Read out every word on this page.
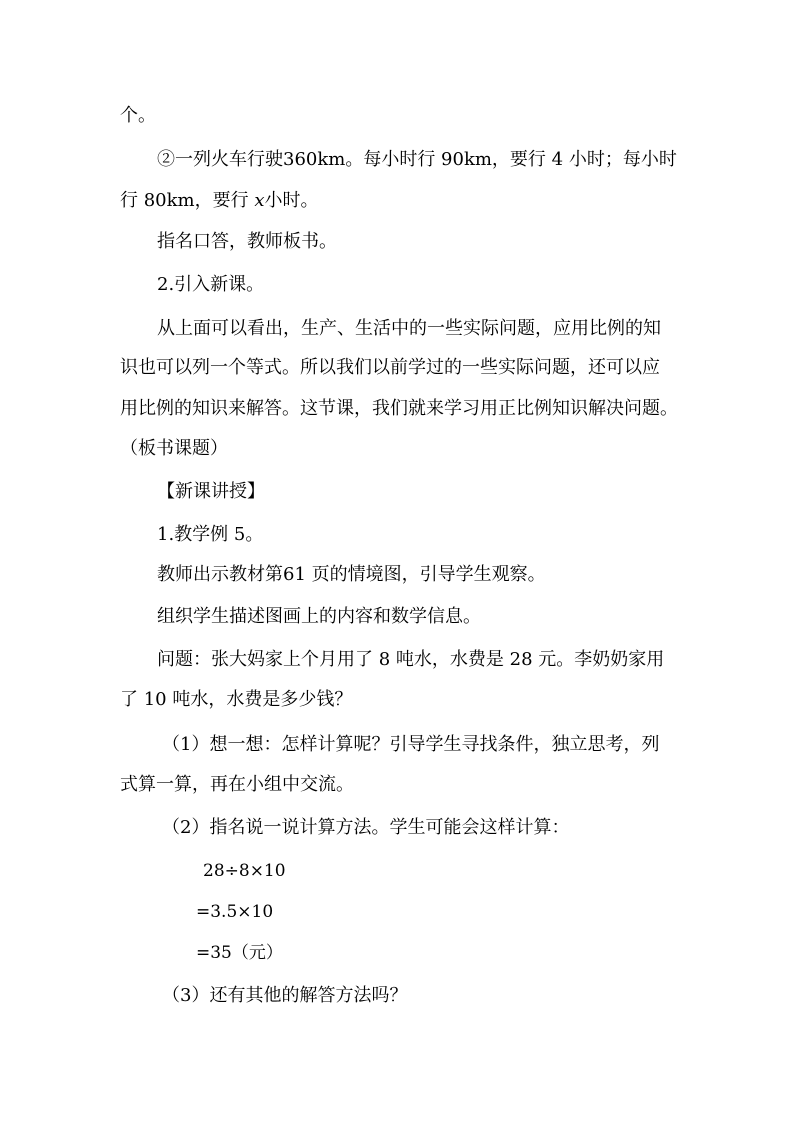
个。
②一列火车行驶360km。每小时行 90km，要行 4 小时；每小时
行 80km，要行 x小时。
指名口答，教师板书。
2.引入新课。
从上面可以看出，生产、生活中的一些实际问题，应用比例的知
识也可以列一个等式。所以我们以前学过的一些实际问题，还可以应
用比例的知识来解答。这节课，我们就来学习用正比例知识解决问题。
（板书课题）
【新课讲授】
1.教学例 5。
教师出示教材第61 页的情境图，引导学生观察。
组织学生描述图画上的内容和数学信息。
问题：张大妈家上个月用了 8 吨水，水费是 28 元。李奶奶家用
了 10 吨水，水费是多少钱？
（1）想一想：怎样计算呢？引导学生寻找条件，独立思考，列
式算一算，再在小组中交流。
（2）指名说一说计算方法。学生可能会这样计算：
28÷8×10
=3.5×10
=35（元）
（3）还有其他的解答方法吗？
